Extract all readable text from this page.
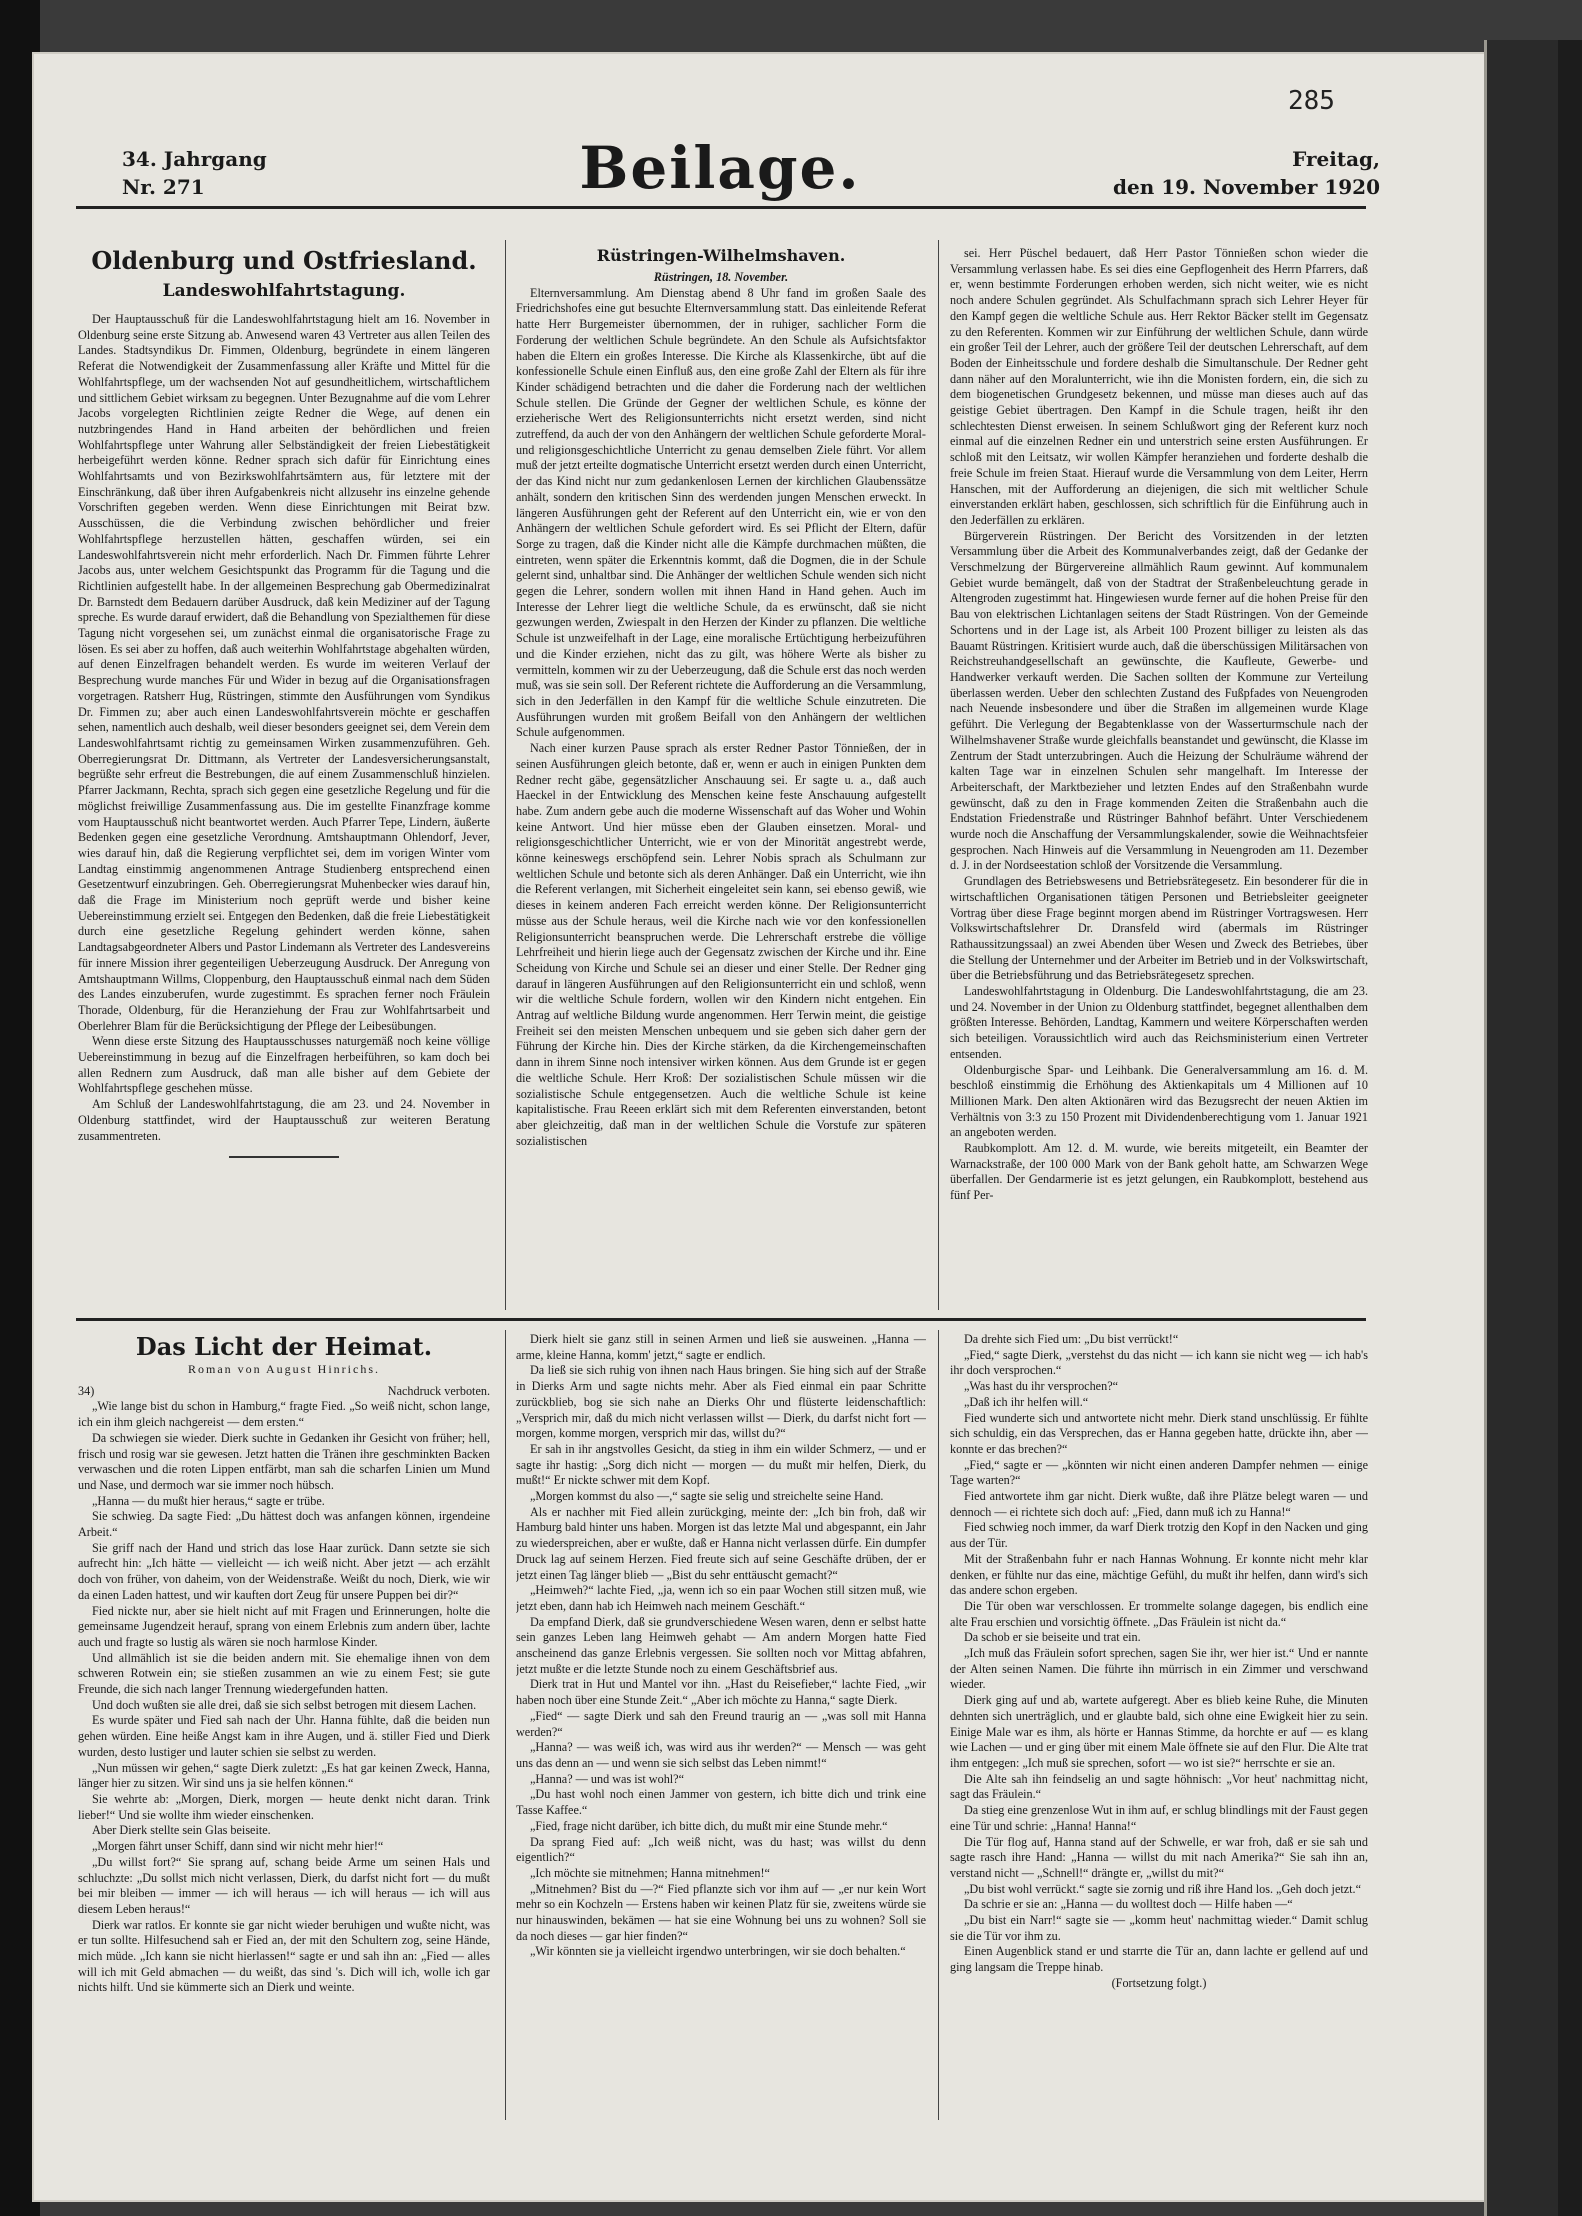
285
34. Jahrgang
Nr. 271	Beilage.	Freitag,
den 19. November 1920
Oldenburg und Ostfriesland.
Landeswohlfahrtstagung.

Der Hauptausschuß für die Landeswohlfahrtstagung hielt am 16. November in Oldenburg seine erste Sitzung ab. Anwesend waren 43 Vertreter aus allen Teilen des Landes. Stadtsyndikus Dr. Fimmen, Oldenburg, begründete in einem längeren Referat die Notwendigkeit der Zusammenfassung aller Kräfte und Mittel für die Wohlfahrtspflege, um der wachsenden Not auf gesundheitlichem, wirtschaftlichem und sittlichem Gebiet wirksam zu begegnen. Unter Bezugnahme auf die vom Lehrer Jacobs vorgelegten Richtlinien zeigte Redner die Wege, auf denen ein nutzbringendes Hand in Hand arbeiten der behördlichen und freien Wohlfahrtspflege unter Wahrung aller Selbständigkeit der freien Liebestätigkeit herbeigeführt werden könne. Redner sprach sich dafür für Einrichtung eines Wohlfahrtsamts und von Bezirkswohlfahrtsämtern aus, für letztere mit der Einschränkung, daß über ihren Aufgabenkreis nicht allzusehr ins einzelne gehende Vorschriften gegeben werden. Wenn diese Einrichtungen mit Beirat bzw. Ausschüssen, die die Verbindung zwischen behördlicher und freier Wohlfahrtspflege herzustellen hätten, geschaffen würden, sei ein Landeswohlfahrtsverein nicht mehr erforderlich. Nach Dr. Fimmen führte Lehrer Jacobs aus, unter welchem Gesichtspunkt das Programm für die Tagung und die Richtlinien aufgestellt habe. In der allgemeinen Besprechung gab Obermedizinalrat Dr. Barnstedt dem Bedauern darüber Ausdruck, daß kein Mediziner auf der Tagung spreche. Es wurde darauf erwidert, daß die Behandlung von Spezialthemen für diese Tagung nicht vorgesehen sei, um zunächst einmal die organisatorische Frage zu lösen. Es sei aber zu hoffen, daß auch weiterhin Wohlfahrtstage abgehalten würden, auf denen Einzelfragen behandelt werden. Es wurde im weiteren Verlauf der Besprechung wurde manches Für und Wider in bezug auf die Organisationsfragen vorgetragen. Ratsherr Hug, Rüstringen, stimmte den Ausführungen vom Syndikus Dr. Fimmen zu; aber auch einen Landeswohlfahrtsverein möchte er geschaffen sehen, namentlich auch deshalb, weil dieser besonders geeignet sei, dem Verein dem Landeswohlfahrtsamt richtig zu gemeinsamen Wirken zusammenzuführen. Geh. Oberregierungsrat Dr. Dittmann, als Vertreter der Landesversicherungsanstalt, begrüßte sehr erfreut die Bestrebungen, die auf einem Zusammenschluß hinzielen. Pfarrer Jackmann, Rechta, sprach sich gegen eine gesetzliche Regelung und für die möglichst freiwillige Zusammenfassung aus. Die im gestellte Finanzfrage komme vom Hauptausschuß nicht beantwortet werden. Auch Pfarrer Tepe, Lindern, äußerte Bedenken gegen eine gesetzliche Verordnung. Amtshauptmann Ohlendorf, Jever, wies darauf hin, daß die Regierung verpflichtet sei, dem im vorigen Winter vom Landtag einstimmig angenommenen Antrage Studienberg entsprechend einen Gesetzentwurf einzubringen. Geh. Oberregierungsrat Muhenbecker wies darauf hin, daß die Frage im Ministerium noch geprüft werde und bisher keine Uebereinstimmung erzielt sei. Entgegen den Bedenken, daß die freie Liebestätigkeit durch eine gesetzliche Regelung gehindert werden könne, sahen Landtagsabgeordneter Albers und Pastor Lindemann als Vertreter des Landesvereins für innere Mission ihrer gegenteiligen Ueberzeugung Ausdruck. Der Anregung von Amtshauptmann Willms, Cloppenburg, den Hauptausschuß einmal nach dem Süden des Landes einzuberufen, wurde zugestimmt. Es sprachen ferner noch Fräulein Thorade, Oldenburg, für die Heranziehung der Frau zur Wohlfahrtsarbeit und Oberlehrer Blam für die Berücksichtigung der Pflege der Leibesübungen.

Wenn diese erste Sitzung des Hauptausschusses naturgemäß noch keine völlige Uebereinstimmung in bezug auf die Einzelfragen herbeiführen, so kam doch bei allen Rednern zum Ausdruck, daß man alle bisher auf dem Gebiete der Wohlfahrtspflege geschehen müsse.

Am Schluß der Landeswohlfahrtstagung, die am 23. und 24. November in Oldenburg stattfindet, wird der Hauptausschuß zur weiteren Beratung zusammentreten.

Rüstringen-Wilhelmshaven.
Rüstringen, 18. November.

Elternversammlung. Am Dienstag abend 8 Uhr fand im großen Saale des Friedrichshofes eine gut besuchte Elternversammlung statt. Das einleitende Referat hatte Herr Burgemeister übernommen, der in ruhiger, sachlicher Form die Forderung der weltlichen Schule begründete. An den Schule als Aufsichtsfaktor haben die Eltern ein großes Interesse. Die Kirche als Klassenkirche, übt auf die konfessionelle Schule einen Einfluß aus, den eine große Zahl der Eltern als für ihre Kinder schädigend betrachten und die daher die Forderung nach der weltlichen Schule stellen. Die Gründe der Gegner der weltlichen Schule, es könne der erzieherische Wert des Religionsunterrichts nicht ersetzt werden, sind nicht zutreffend, da auch der von den Anhängern der weltlichen Schule geforderte Moral- und religionsgeschichtliche Unterricht zu genau demselben Ziele führt. Vor allem muß der jetzt erteilte dogmatische Unterricht ersetzt werden durch einen Unterricht, der das Kind nicht nur zum gedankenlosen Lernen der kirchlichen Glaubenssätze anhält, sondern den kritischen Sinn des werdenden jungen Menschen erweckt. In längeren Ausführungen geht der Referent auf den Unterricht ein, wie er von den Anhängern der weltlichen Schule gefordert wird. Es sei Pflicht der Eltern, dafür Sorge zu tragen, daß die Kinder nicht alle die Kämpfe durchmachen müßten, die eintreten, wenn später die Erkenntnis kommt, daß die Dogmen, die in der Schule gelernt sind, unhaltbar sind. Die Anhänger der weltlichen Schule wenden sich nicht gegen die Lehrer, sondern wollen mit ihnen Hand in Hand gehen. Auch im Interesse der Lehrer liegt die weltliche Schule, da es erwünscht, daß sie nicht gezwungen werden, Zwiespalt in den Herzen der Kinder zu pflanzen. Die weltliche Schule ist unzweifelhaft in der Lage, eine moralische Ertüchtigung herbeizuführen und die Kinder erziehen, nicht das zu gilt, was höhere Werte als bisher zu vermitteln, kommen wir zu der Ueberzeugung, daß die Schule erst das noch werden muß, was sie sein soll. Der Referent richtete die Aufforderung an die Versammlung, sich in den Jederfällen in den Kampf für die weltliche Schule einzutreten. Die Ausführungen wurden mit großem Beifall von den Anhängern der weltlichen Schule aufgenommen.

Nach einer kurzen Pause sprach als erster Redner Pastor Tönnießen, der in seinen Ausführungen gleich betonte, daß er, wenn er auch in einigen Punkten dem Redner recht gäbe, gegensätzlicher Anschauung sei. Er sagte u. a., daß auch Haeckel in der Entwicklung des Menschen keine feste Anschauung aufgestellt habe. Zum andern gebe auch die moderne Wissenschaft auf das Woher und Wohin keine Antwort. Und hier müsse eben der Glauben einsetzen. Moral- und religionsgeschichtlicher Unterricht, wie er von der Minorität angestrebt werde, könne keineswegs erschöpfend sein. Lehrer Nobis sprach als Schulmann zur weltlichen Schule und betonte sich als deren Anhänger. Daß ein Unterricht, wie ihn die Referent verlangen, mit Sicherheit eingeleitet sein kann, sei ebenso gewiß, wie dieses in keinem anderen Fach erreicht werden könne. Der Religionsunterricht müsse aus der Schule heraus, weil die Kirche nach wie vor den konfessionellen Religionsunterricht beanspruchen werde. Die Lehrerschaft erstrebe die völlige Lehrfreiheit und hierin liege auch der Gegensatz zwischen der Kirche und ihr. Eine Scheidung von Kirche und Schule sei an dieser und einer Stelle. Der Redner ging darauf in längeren Ausführungen auf den Religionsunterricht ein und schloß, wenn wir die weltliche Schule fordern, wollen wir den Kindern nicht entgehen. Ein Antrag auf weltliche Bildung wurde angenommen. Herr Terwin meint, die geistige Freiheit sei den meisten Menschen unbequem und sie geben sich daher gern der Führung der Kirche hin. Dies der Kirche stärken, da die Kirchengemeinschaften dann in ihrem Sinne noch intensiver wirken können. Aus dem Grunde ist er gegen die weltliche Schule. Herr Kroß: Der sozialistischen Schule müssen wir die sozialistische Schule entgegensetzen. Auch die weltliche Schule ist keine kapitalistische. Frau Reeen erklärt sich mit dem Referenten einverstanden, betont aber gleichzeitig, daß man in der weltlichen Schule die Vorstufe zur späteren sozialistischen

sei. Herr Püschel bedauert, daß Herr Pastor Tönnießen schon wieder die Versammlung verlassen habe. Es sei dies eine Gepflogenheit des Herrn Pfarrers, daß er, wenn bestimmte Forderungen erhoben werden, sich nicht weiter, wie es nicht noch andere Schulen gegründet. Als Schulfachmann sprach sich Lehrer Heyer für den Kampf gegen die weltliche Schule aus. Herr Rektor Bäcker stellt im Gegensatz zu den Referenten. Kommen wir zur Einführung der weltlichen Schule, dann würde ein großer Teil der Lehrer, auch der größere Teil der deutschen Lehrerschaft, auf dem Boden der Einheitsschule und fordere deshalb die Simultanschule. Der Redner geht dann näher auf den Moralunterricht, wie ihn die Monisten fordern, ein, die sich zu dem biogenetischen Grundgesetz bekennen, und müsse man dieses auch auf das geistige Gebiet übertragen. Den Kampf in die Schule tragen, heißt ihr den schlechtesten Dienst erweisen. In seinem Schlußwort ging der Referent kurz noch einmal auf die einzelnen Redner ein und unterstrich seine ersten Ausführungen. Er schloß mit den Leitsatz, wir wollen Kämpfer heranziehen und forderte deshalb die freie Schule im freien Staat. Hierauf wurde die Versammlung von dem Leiter, Herrn Hanschen, mit der Aufforderung an diejenigen, die sich mit weltlicher Schule einverstanden erklärt haben, geschlossen, sich schriftlich für die Einführung auch in den Jederfällen zu erklären.

Bürgerverein Rüstringen. Der Bericht des Vorsitzenden in der letzten Versammlung über die Arbeit des Kommunalverbandes zeigt, daß der Gedanke der Verschmelzung der Bürgervereine allmählich Raum gewinnt. Auf kommunalem Gebiet wurde bemängelt, daß von der Stadtrat der Straßenbeleuchtung gerade in Altengroden zugestimmt hat. Hingewiesen wurde ferner auf die hohen Preise für den Bau von elektrischen Lichtanlagen seitens der Stadt Rüstringen. Von der Gemeinde Schortens und in der Lage ist, als Arbeit 100 Prozent billiger zu leisten als das Bauamt Rüstringen. Kritisiert wurde auch, daß die überschüssigen Militärsachen von Reichstreuhandgesellschaft an gewünschte, die Kaufleute, Gewerbe- und Handwerker verkauft werden. Die Sachen sollten der Kommune zur Verteilung überlassen werden. Ueber den schlechten Zustand des Fußpfades von Neuengroden nach Neuende insbesondere und über die Straßen im allgemeinen wurde Klage geführt. Die Verlegung der Begabtenklasse von der Wasserturmschule nach der Wilhelmshavener Straße wurde gleichfalls beanstandet und gewünscht, die Klasse im Zentrum der Stadt unterzubringen. Auch die Heizung der Schulräume während der kalten Tage war in einzelnen Schulen sehr mangelhaft. Im Interesse der Arbeiterschaft, der Marktbezieher und letzten Endes auf den Straßenbahn wurde gewünscht, daß zu den in Frage kommenden Zeiten die Straßenbahn auch die Endstation Friedenstraße und Rüstringer Bahnhof befährt. Unter Verschiedenem wurde noch die Anschaffung der Versammlungskalender, sowie die Weihnachtsfeier gesprochen. Nach Hinweis auf die Versammlung in Neuengroden am 11. Dezember d. J. in der Nordseestation schloß der Vorsitzende die Versammlung.

Grundlagen des Betriebswesens und Betriebsrätegesetz. Ein besonderer für die in wirtschaftlichen Organisationen tätigen Personen und Betriebsleiter geeigneter Vortrag über diese Frage beginnt morgen abend im Rüstringer Vortragswesen. Herr Volkswirtschaftslehrer Dr. Dransfeld wird (abermals im Rüstringer Rathaussitzungssaal) an zwei Abenden über Wesen und Zweck des Betriebes, über die Stellung der Unternehmer und der Arbeiter im Betrieb und in der Volkswirtschaft, über die Betriebsführung und das Betriebsrätegesetz sprechen.

Landeswohlfahrtstagung in Oldenburg. Die Landeswohlfahrtstagung, die am 23. und 24. November in der Union zu Oldenburg stattfindet, begegnet allenthalben dem größten Interesse. Behörden, Landtag, Kammern und weitere Körperschaften werden sich beteiligen. Voraussichtlich wird auch das Reichsministerium einen Vertreter entsenden.

Oldenburgische Spar- und Leihbank. Die Generalversammlung am 16. d. M. beschloß einstimmig die Erhöhung des Aktienkapitals um 4 Millionen auf 10 Millionen Mark. Den alten Aktionären wird das Bezugsrecht der neuen Aktien im Verhältnis von 3:3 zu 150 Prozent mit Dividendenberechtigung vom 1. Januar 1921 an angeboten werden.

Raubkomplott. Am 12. d. M. wurde, wie bereits mitgeteilt, ein Beamter der Warnackstraße, der 100 000 Mark von der Bank geholt hatte, am Schwarzen Wege überfallen. Der Gendarmerie ist es jetzt gelungen, ein Raubkomplott, bestehend aus fünf Per-

Das Licht der Heimat.
Roman von August Hinrichs.
34)	Nachdruck verboten.

„Wie lange bist du schon in Hamburg,“ fragte Fied. „So weiß nicht, schon lange, ich ein ihm gleich nachgereist — dem ersten.“

Da schwiegen sie wieder. Dierk suchte in Gedanken ihr Gesicht von früher; hell, frisch und rosig war sie gewesen. Jetzt hatten die Tränen ihre geschminkten Backen verwaschen und die roten Lippen entfärbt, man sah die scharfen Linien um Mund und Nase, und dermoch war sie immer noch hübsch.

„Hanna — du mußt hier heraus,“ sagte er trübe.

Sie schwieg. Da sagte Fied: „Du hättest doch was anfangen können, irgendeine Arbeit.“

Sie griff nach der Hand und strich das lose Haar zurück. Dann setzte sie sich aufrecht hin: „Ich hätte — vielleicht — ich weiß nicht. Aber jetzt — ach erzählt doch von früher, von daheim, von der Weidenstraße. Weißt du noch, Dierk, wie wir da einen Laden hattest, und wir kauften dort Zeug für unsere Puppen bei dir?“

Fied nickte nur, aber sie hielt nicht auf mit Fragen und Erinnerungen, holte die gemeinsame Jugendzeit herauf, sprang von einem Erlebnis zum andern über, lachte auch und fragte so lustig als wären sie noch harmlose Kinder.

Und allmählich ist sie die beiden andern mit. Sie ehemalige ihnen von dem schweren Rotwein ein; sie stießen zusammen an wie zu einem Fest; sie gute Freunde, die sich nach langer Trennung wiedergefunden hatten.

Und doch wußten sie alle drei, daß sie sich selbst betrogen mit diesem Lachen.

Es wurde später und Fied sah nach der Uhr. Hanna fühlte, daß die beiden nun gehen würden. Eine heiße Angst kam in ihre Augen, und ä. stiller Fied und Dierk wurden, desto lustiger und lauter schien sie selbst zu werden.

„Nun müssen wir gehen,“ sagte Dierk zuletzt: „Es hat gar keinen Zweck, Hanna, länger hier zu sitzen. Wir sind uns ja sie helfen können.“

Sie wehrte ab: „Morgen, Dierk, morgen — heute denkt nicht daran. Trink lieber!“ Und sie wollte ihm wieder einschenken.

Aber Dierk stellte sein Glas beiseite.

„Morgen fährt unser Schiff, dann sind wir nicht mehr hier!“

„Du willst fort?“ Sie sprang auf, schang beide Arme um seinen Hals und schluchzte: „Du sollst mich nicht verlassen, Dierk, du darfst nicht fort — du mußt bei mir bleiben — immer — ich will heraus — ich will heraus — ich will aus diesem Leben heraus!“

Dierk war ratlos. Er konnte sie gar nicht wieder beruhigen und wußte nicht, was er tun sollte. Hilfesuchend sah er Fied an, der mit den Schultern zog, seine Hände, mich müde. „Ich kann sie nicht hierlassen!“ sagte er und sah ihn an: „Fied — alles will ich mit Geld abmachen — du weißt, das sind 's. Dich will ich, wolle ich gar nichts hilft. Und sie kümmerte sich an Dierk und weinte.

Dierk hielt sie ganz still in seinen Armen und ließ sie ausweinen. „Hanna — arme, kleine Hanna, komm' jetzt,“ sagte er endlich.

Da ließ sie sich ruhig von ihnen nach Haus bringen. Sie hing sich auf der Straße in Dierks Arm und sagte nichts mehr. Aber als Fied einmal ein paar Schritte zurückblieb, bog sie sich nahe an Dierks Ohr und flüsterte leidenschaftlich: „Versprich mir, daß du mich nicht verlassen willst — Dierk, du darfst nicht fort — morgen, komme morgen, versprich mir das, willst du?“

Er sah in ihr angstvolles Gesicht, da stieg in ihm ein wilder Schmerz, — und er sagte ihr hastig: „Sorg dich nicht — morgen — du mußt mir helfen, Dierk, du mußt!“ Er nickte schwer mit dem Kopf.

„Morgen kommst du also —,“ sagte sie selig und streichelte seine Hand.

Als er nachher mit Fied allein zurückging, meinte der: „Ich bin froh, daß wir Hamburg bald hinter uns haben. Morgen ist das letzte Mal und abgespannt, ein Jahr zu wiederspreichen, aber er wußte, daß er Hanna nicht verlassen dürfe. Ein dumpfer Druck lag auf seinem Herzen. Fied freute sich auf seine Geschäfte drüben, der er jetzt einen Tag länger blieb — „Bist du sehr enttäuscht gemacht?“

„Heimweh?“ lachte Fied, „ja, wenn ich so ein paar Wochen still sitzen muß, wie jetzt eben, dann hab ich Heimweh nach meinem Geschäft.“

Da empfand Dierk, daß sie grundverschiedene Wesen waren, denn er selbst hatte sein ganzes Leben lang Heimweh gehabt — Am andern Morgen hatte Fied anscheinend das ganze Erlebnis vergessen. Sie sollten noch vor Mittag abfahren, jetzt mußte er die letzte Stunde noch zu einem Geschäftsbrief aus.

Dierk trat in Hut und Mantel vor ihn. „Hast du Reisefieber,“ lachte Fied, „wir haben noch über eine Stunde Zeit.“ „Aber ich möchte zu Hanna,“ sagte Dierk.

„Fied“ — sagte Dierk und sah den Freund traurig an — „was soll mit Hanna werden?“

„Hanna? — was weiß ich, was wird aus ihr werden?“ — Mensch — was geht uns das denn an — und wenn sie sich selbst das Leben nimmt!“

„Hanna? — und was ist wohl?“

„Du hast wohl noch einen Jammer von gestern, ich bitte dich und trink eine Tasse Kaffee.“

„Fied, frage nicht darüber, ich bitte dich, du mußt mir eine Stunde mehr.“

Da sprang Fied auf: „Ich weiß nicht, was du hast; was willst du denn eigentlich?“

„Ich möchte sie mitnehmen; Hanna mitnehmen!“

„Mitnehmen? Bist du —?“ Fied pflanzte sich vor ihm auf — „er nur kein Wort mehr so ein Kochzeln — Erstens haben wir keinen Platz für sie, zweitens würde sie nur hinauswinden, bekämen — hat sie eine Wohnung bei uns zu wohnen? Soll sie da noch dieses — gar hier finden?“

„Wir könnten sie ja vielleicht irgendwo unterbringen, wir sie doch behalten.“

Da drehte sich Fied um: „Du bist verrückt!“

„Fied,“ sagte Dierk, „verstehst du das nicht — ich kann sie nicht weg — ich hab's ihr doch versprochen.“

„Was hast du ihr versprochen?“

„Daß ich ihr helfen will.“

Fied wunderte sich und antwortete nicht mehr. Dierk stand unschlüssig. Er fühlte sich schuldig, ein das Versprechen, das er Hanna gegeben hatte, drückte ihn, aber — konnte er das brechen?“

„Fied,“ sagte er — „könnten wir nicht einen anderen Dampfer nehmen — einige Tage warten?“

Fied antwortete ihm gar nicht. Dierk wußte, daß ihre Plätze belegt waren — und dennoch — ei richtete sich doch auf: „Fied, dann muß ich zu Hanna!“

Fied schwieg noch immer, da warf Dierk trotzig den Kopf in den Nacken und ging aus der Tür.

Mit der Straßenbahn fuhr er nach Hannas Wohnung. Er konnte nicht mehr klar denken, er fühlte nur das eine, mächtige Gefühl, du mußt ihr helfen, dann wird's sich das andere schon ergeben.

Die Tür oben war verschlossen. Er trommelte solange dagegen, bis endlich eine alte Frau erschien und vorsichtig öffnete. „Das Fräulein ist nicht da.“

Da schob er sie beiseite und trat ein.

„Ich muß das Fräulein sofort sprechen, sagen Sie ihr, wer hier ist.“ Und er nannte der Alten seinen Namen. Die führte ihn mürrisch in ein Zimmer und verschwand wieder.

Dierk ging auf und ab, wartete aufgeregt. Aber es blieb keine Ruhe, die Minuten dehnten sich unerträglich, und er glaubte bald, sich ohne eine Ewigkeit hier zu sein. Einige Male war es ihm, als hörte er Hannas Stimme, da horchte er auf — es klang wie Lachen — und er ging über mit einem Male öffnete sie auf den Flur. Die Alte trat ihm entgegen: „Ich muß sie sprechen, sofort — wo ist sie?“ herrschte er sie an.

Die Alte sah ihn feindselig an und sagte höhnisch: „Vor heut' nachmittag nicht, sagt das Fräulein.“

Da stieg eine grenzenlose Wut in ihm auf, er schlug blindlings mit der Faust gegen eine Tür und schrie: „Hanna! Hanna!“

Die Tür flog auf, Hanna stand auf der Schwelle, er war froh, daß er sie sah und sagte rasch ihre Hand: „Hanna — willst du mit nach Amerika?“ Sie sah ihn an, verstand nicht — „Schnell!“ drängte er, „willst du mit?“

„Du bist wohl verrückt.“ sagte sie zornig und riß ihre Hand los. „Geh doch jetzt.“

Da schrie er sie an: „Hanna — du wolltest doch — Hilfe haben —“

„Du bist ein Narr!“ sagte sie — „komm heut' nachmittag wieder.“ Damit schlug sie die Tür vor ihm zu.

Einen Augenblick stand er und starrte die Tür an, dann lachte er gellend auf und ging langsam die Treppe hinab.

(Fortsetzung folgt.)
